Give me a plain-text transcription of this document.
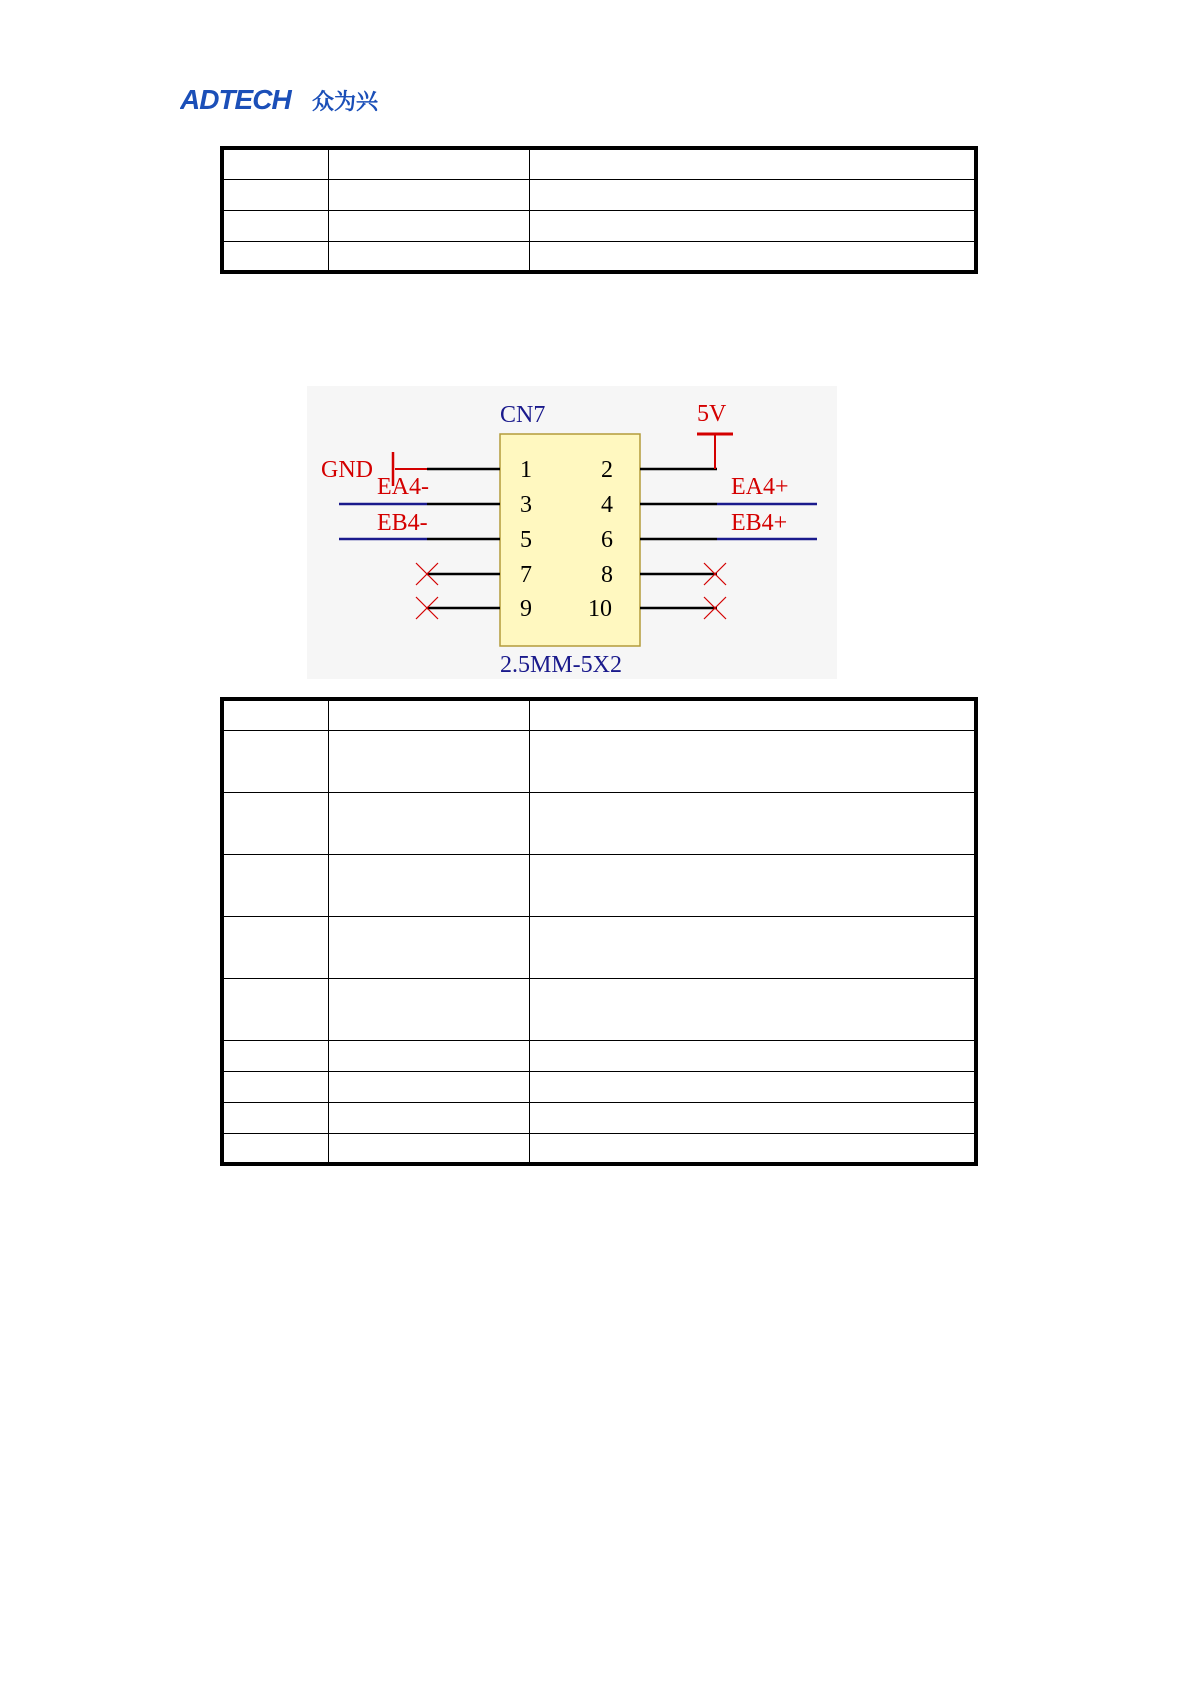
ADTECH 众为兴

CN7
2.5MM-5X2
1
3
5
7
9
2
4
6
8
10
GND
EA4-
EB4-
5V
EA4+
EB4+
